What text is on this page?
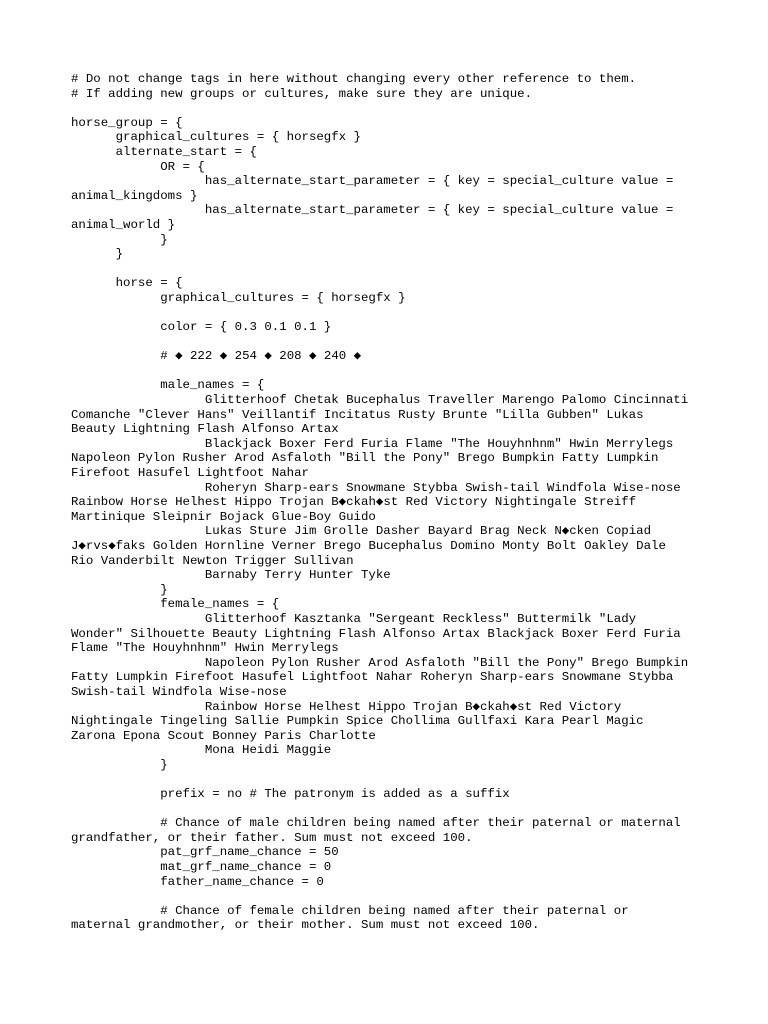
# Do not change tags in here without changing every other reference to them.
# If adding new groups or cultures, make sure they are unique.
horse_group = {
graphical_cultures = { horsegfx }
alternate_start = {
OR = {
has_alternate_start_parameter = { key = special_culture value =
animal_kingdoms }
has_alternate_start_parameter = { key = special_culture value =
animal_world }
}
}
horse = {
graphical_cultures = { horsegfx }
color = { 0.3 0.1 0.1 }
# ◆ 222 ◆ 254 ◆ 208 ◆ 240 ◆
male_names = {
Glitterhoof Chetak Bucephalus Traveller Marengo Palomo Cincinnati
Comanche "Clever Hans" Veillantif Incitatus Rusty Brunte "Lilla Gubben" Lukas
Beauty Lightning Flash Alfonso Artax
Blackjack Boxer Ferd Furia Flame "The Houyhnhnm" Hwin Merrylegs
Napoleon Pylon Rusher Arod Asfaloth "Bill the Pony" Brego Bumpkin Fatty Lumpkin
Firefoot Hasufel Lightfoot Nahar
Roheryn Sharp-ears Snowmane Stybba Swish-tail Windfola Wise-nose
Rainbow Horse Helhest Hippo Trojan B◆ckah◆st Red Victory Nightingale Streiff
Martinique Sleipnir Bojack Glue-Boy Guido
Lukas Sture Jim Grolle Dasher Bayard Brag Neck N◆cken Copiad
J◆rvs◆faks Golden Hornline Verner Brego Bucephalus Domino Monty Bolt Oakley Dale
Rio Vanderbilt Newton Trigger Sullivan
Barnaby Terry Hunter Tyke
}
female_names = {
Glitterhoof Kasztanka "Sergeant Reckless" Buttermilk "Lady
Wonder" Silhouette Beauty Lightning Flash Alfonso Artax Blackjack Boxer Ferd Furia
Flame "The Houyhnhnm" Hwin Merrylegs
Napoleon Pylon Rusher Arod Asfaloth "Bill the Pony" Brego Bumpkin
Fatty Lumpkin Firefoot Hasufel Lightfoot Nahar Roheryn Sharp-ears Snowmane Stybba
Swish-tail Windfola Wise-nose
Rainbow Horse Helhest Hippo Trojan B◆ckah◆st Red Victory
Nightingale Tingeling Sallie Pumpkin Spice Chollima Gullfaxi Kara Pearl Magic
Zarona Epona Scout Bonney Paris Charlotte
Mona Heidi Maggie
}
prefix = no # The patronym is added as a suffix
# Chance of male children being named after their paternal or maternal
grandfather, or their father. Sum must not exceed 100.
pat_grf_name_chance = 50
mat_grf_name_chance = 0
father_name_chance = 0
# Chance of female children being named after their paternal or
maternal grandmother, or their mother. Sum must not exceed 100.
